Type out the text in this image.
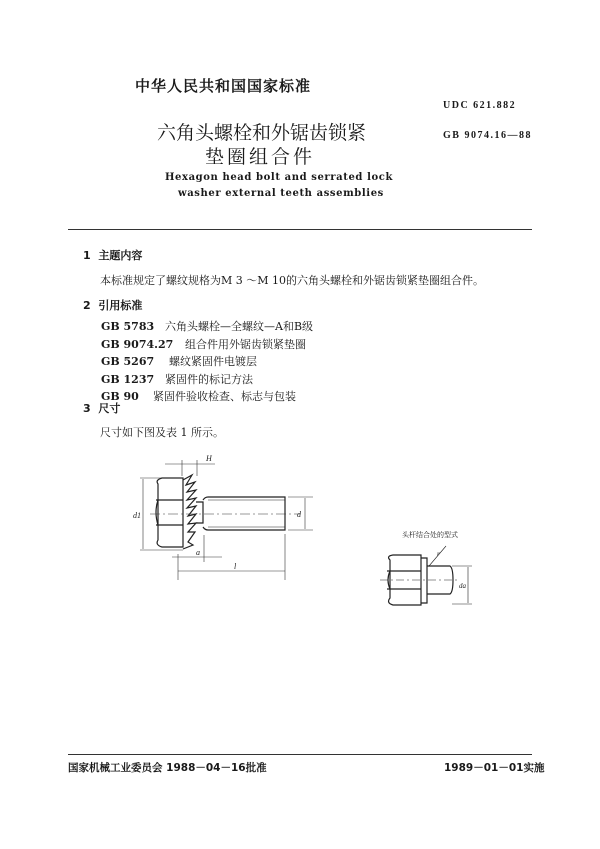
中华人民共和国国家标准
UDC 621.882
GB 9074.16—88
六角头螺栓和外锯齿锁紧
垫圈组合件
Hexagon head bolt and serrated lock
washer external teeth assemblies
1 主题内容
本标准规定了螺纹规格为M 3 ～M 10的六角头螺栓和外锯齿锁紧垫圈组合件。
2 引用标准
GB 5783 六角头螺栓—全螺纹—A和B级
GB 9074.27 组合件用外锯齿锁紧垫圈
GB 5267 螺纹紧固件电镀层
GB 1237 紧固件的标记方法
GB 90 紧固件验收检查、标志与包装
3 尺寸
尺寸如下图及表 1 所示。
H
d1	d
a
l
r
da
头杆结合处的型式
国家机械工业委员会 1988－04－16批准	1989－01－01实施
